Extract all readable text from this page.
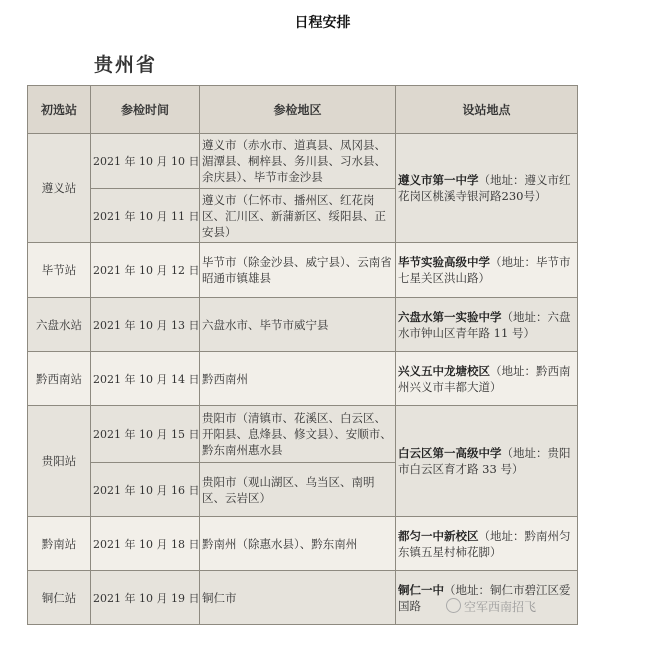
日程安排
贵州省
初选站	参检时间	参检地区	设站地点
遵义站	2021 年 10 月 10 日	遵义市（赤水市、道真县、凤冈县、湄潭县、桐梓县、务川县、习水县、余庆县）、毕节市金沙县	遵义市第一中学（地址：遵义市红花岗区桃溪寺银河路230号）
	2021 年 10 月 11 日	遵义市（仁怀市、播州区、红花岗区、汇川区、新蒲新区、绥阳县、正安县）	
毕节站	2021 年 10 月 12 日	毕节市（除金沙县、威宁县）、云南省昭通市镇雄县	毕节实验高级中学（地址：毕节市七星关区洪山路）
六盘水站	2021 年 10 月 13 日	六盘水市、毕节市威宁县	六盘水第一实验中学（地址：六盘水市钟山区青年路 11 号）
黔西南站	2021 年 10 月 14 日	黔西南州	兴义五中龙塘校区（地址：黔西南州兴义市丰都大道）
贵阳站	2021 年 10 月 15 日	贵阳市（清镇市、花溪区、白云区、开阳县、息烽县、修文县）、安顺市、黔东南州惠水县	白云区第一高级中学（地址：贵阳市白云区育才路 33 号）
	2021 年 10 月 16 日	贵阳市（观山湖区、乌当区、南明区、云岩区）	
黔南站	2021 年 10 月 18 日	黔南州（除惠水县）、黔东南州	都匀一中新校区（地址：黔南州匀东镇五星村柿花脚）
铜仁站	2021 年 10 月 19 日	铜仁市	铜仁一中（地址：铜仁市碧江区爱国路	空军西南招飞
